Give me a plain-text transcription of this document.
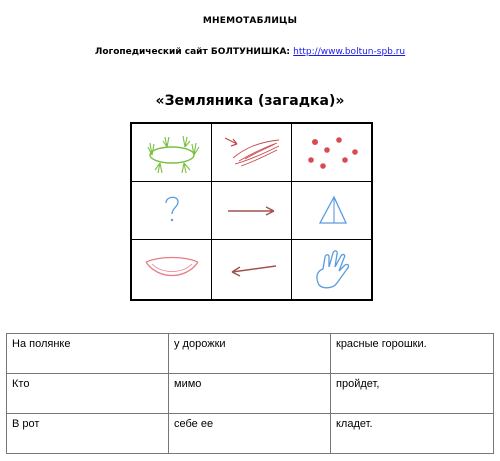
МНЕМОТАБЛИЦЫ
Логопедический сайт БОЛТУНИШКА: http://www.boltun-spb.ru
«Земляника (загадка)»
На полянке	у дорожки	красные горошки.
Кто	мимо	пройдет,
В рот	себе ее	кладет.
